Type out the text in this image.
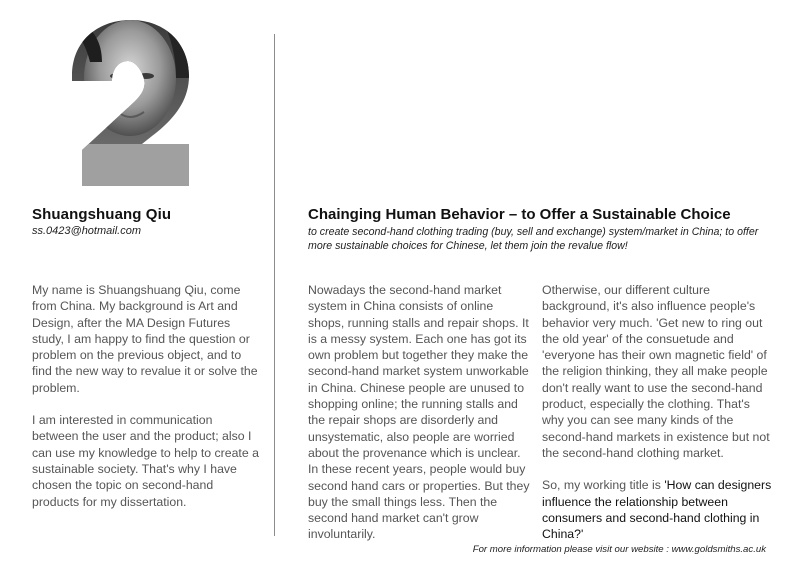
Shuangshuang Qiu
ss.0423@hotmail.com

My name is Shuangshuang Qiu, come from China. My background is Art and Design, after the MA Design Futures study, I am happy to find the question or problem on the previous object, and to find the new way to revalue it or solve the problem.

I am interested in communication between the user and the product; also I can use my knowledge to help to create a sustainable society. That's why I have chosen the topic on second-hand products for my dissertation.

Chainging Human Behavior – to Offer a Sustainable Choice
to create second-hand clothing trading (buy, sell and exchange) system/market in China; to offer more sustainable choices for Chinese, let them join the revalue flow!

Nowadays the second-hand market system in China consists of online shops, running stalls and repair shops. It is a messy system. Each one has got its own problem but together they make the second-hand market system unworkable in China. Chinese people are unused to shopping online; the running stalls and the repair shops are disorderly and unsystematic, also people are worried about the provenance which is unclear. In these recent years, people would buy second hand cars or properties. But they buy the small things less. Then the second hand market can't grow involuntarily.

Otherwise, our different culture background, it's also influence people's behavior very much. 'Get new to ring out the old year' of the consuetude and 'everyone has their own magnetic field' of the religion thinking, they all make people don't really want to use the second-hand product, especially the clothing. That's why you can see many kinds of the second-hand markets in existence but not the second-hand clothing market.

So, my working title is 'How can designers influence the relationship between consumers and second-hand clothing in China?'

For more information please visit our website : www.goldsmiths.ac.uk
